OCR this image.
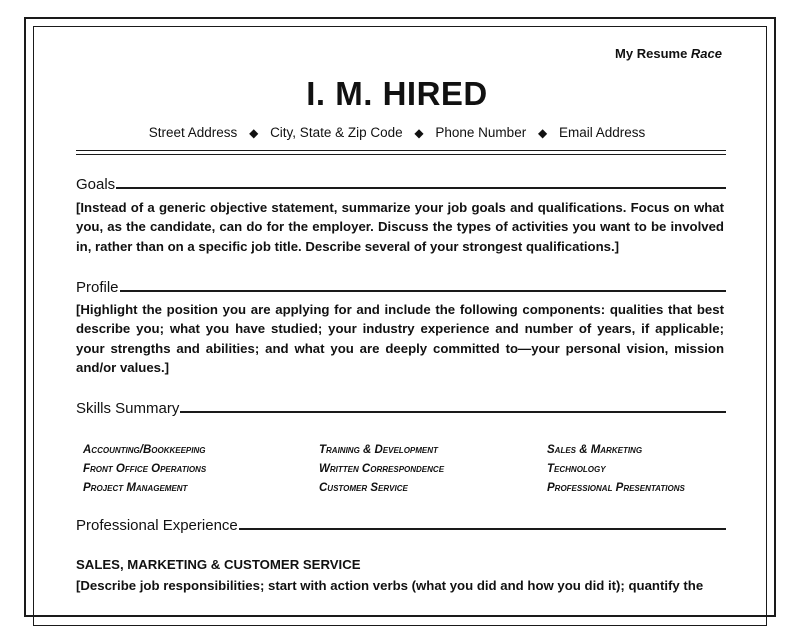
My Resume Race
I. M. HIRED
Street Address ◆ City, State & Zip Code ◆ Phone Number ◆ Email Address
Goals
[Instead of a generic objective statement, summarize your job goals and qualifications. Focus on what you, as the candidate, can do for the employer. Discuss the types of activities you want to be involved in, rather than on a specific job title. Describe several of your strongest qualifications.]
Profile
[Highlight the position you are applying for and include the following components: qualities that best describe you; what you have studied; your industry experience and number of years, if applicable; your strengths and abilities; and what you are deeply committed to—your personal vision, mission and/or values.]
Skills Summary
Accounting/Bookkeeping	Training & Development	Sales & Marketing
Front Office Operations	Written Correspondence	Technology
Project Management	Customer Service	Professional Presentations
Professional Experience
SALES, MARKETING & CUSTOMER SERVICE
[Describe job responsibilities; start with action verbs (what you did and how you did it); quantify the
